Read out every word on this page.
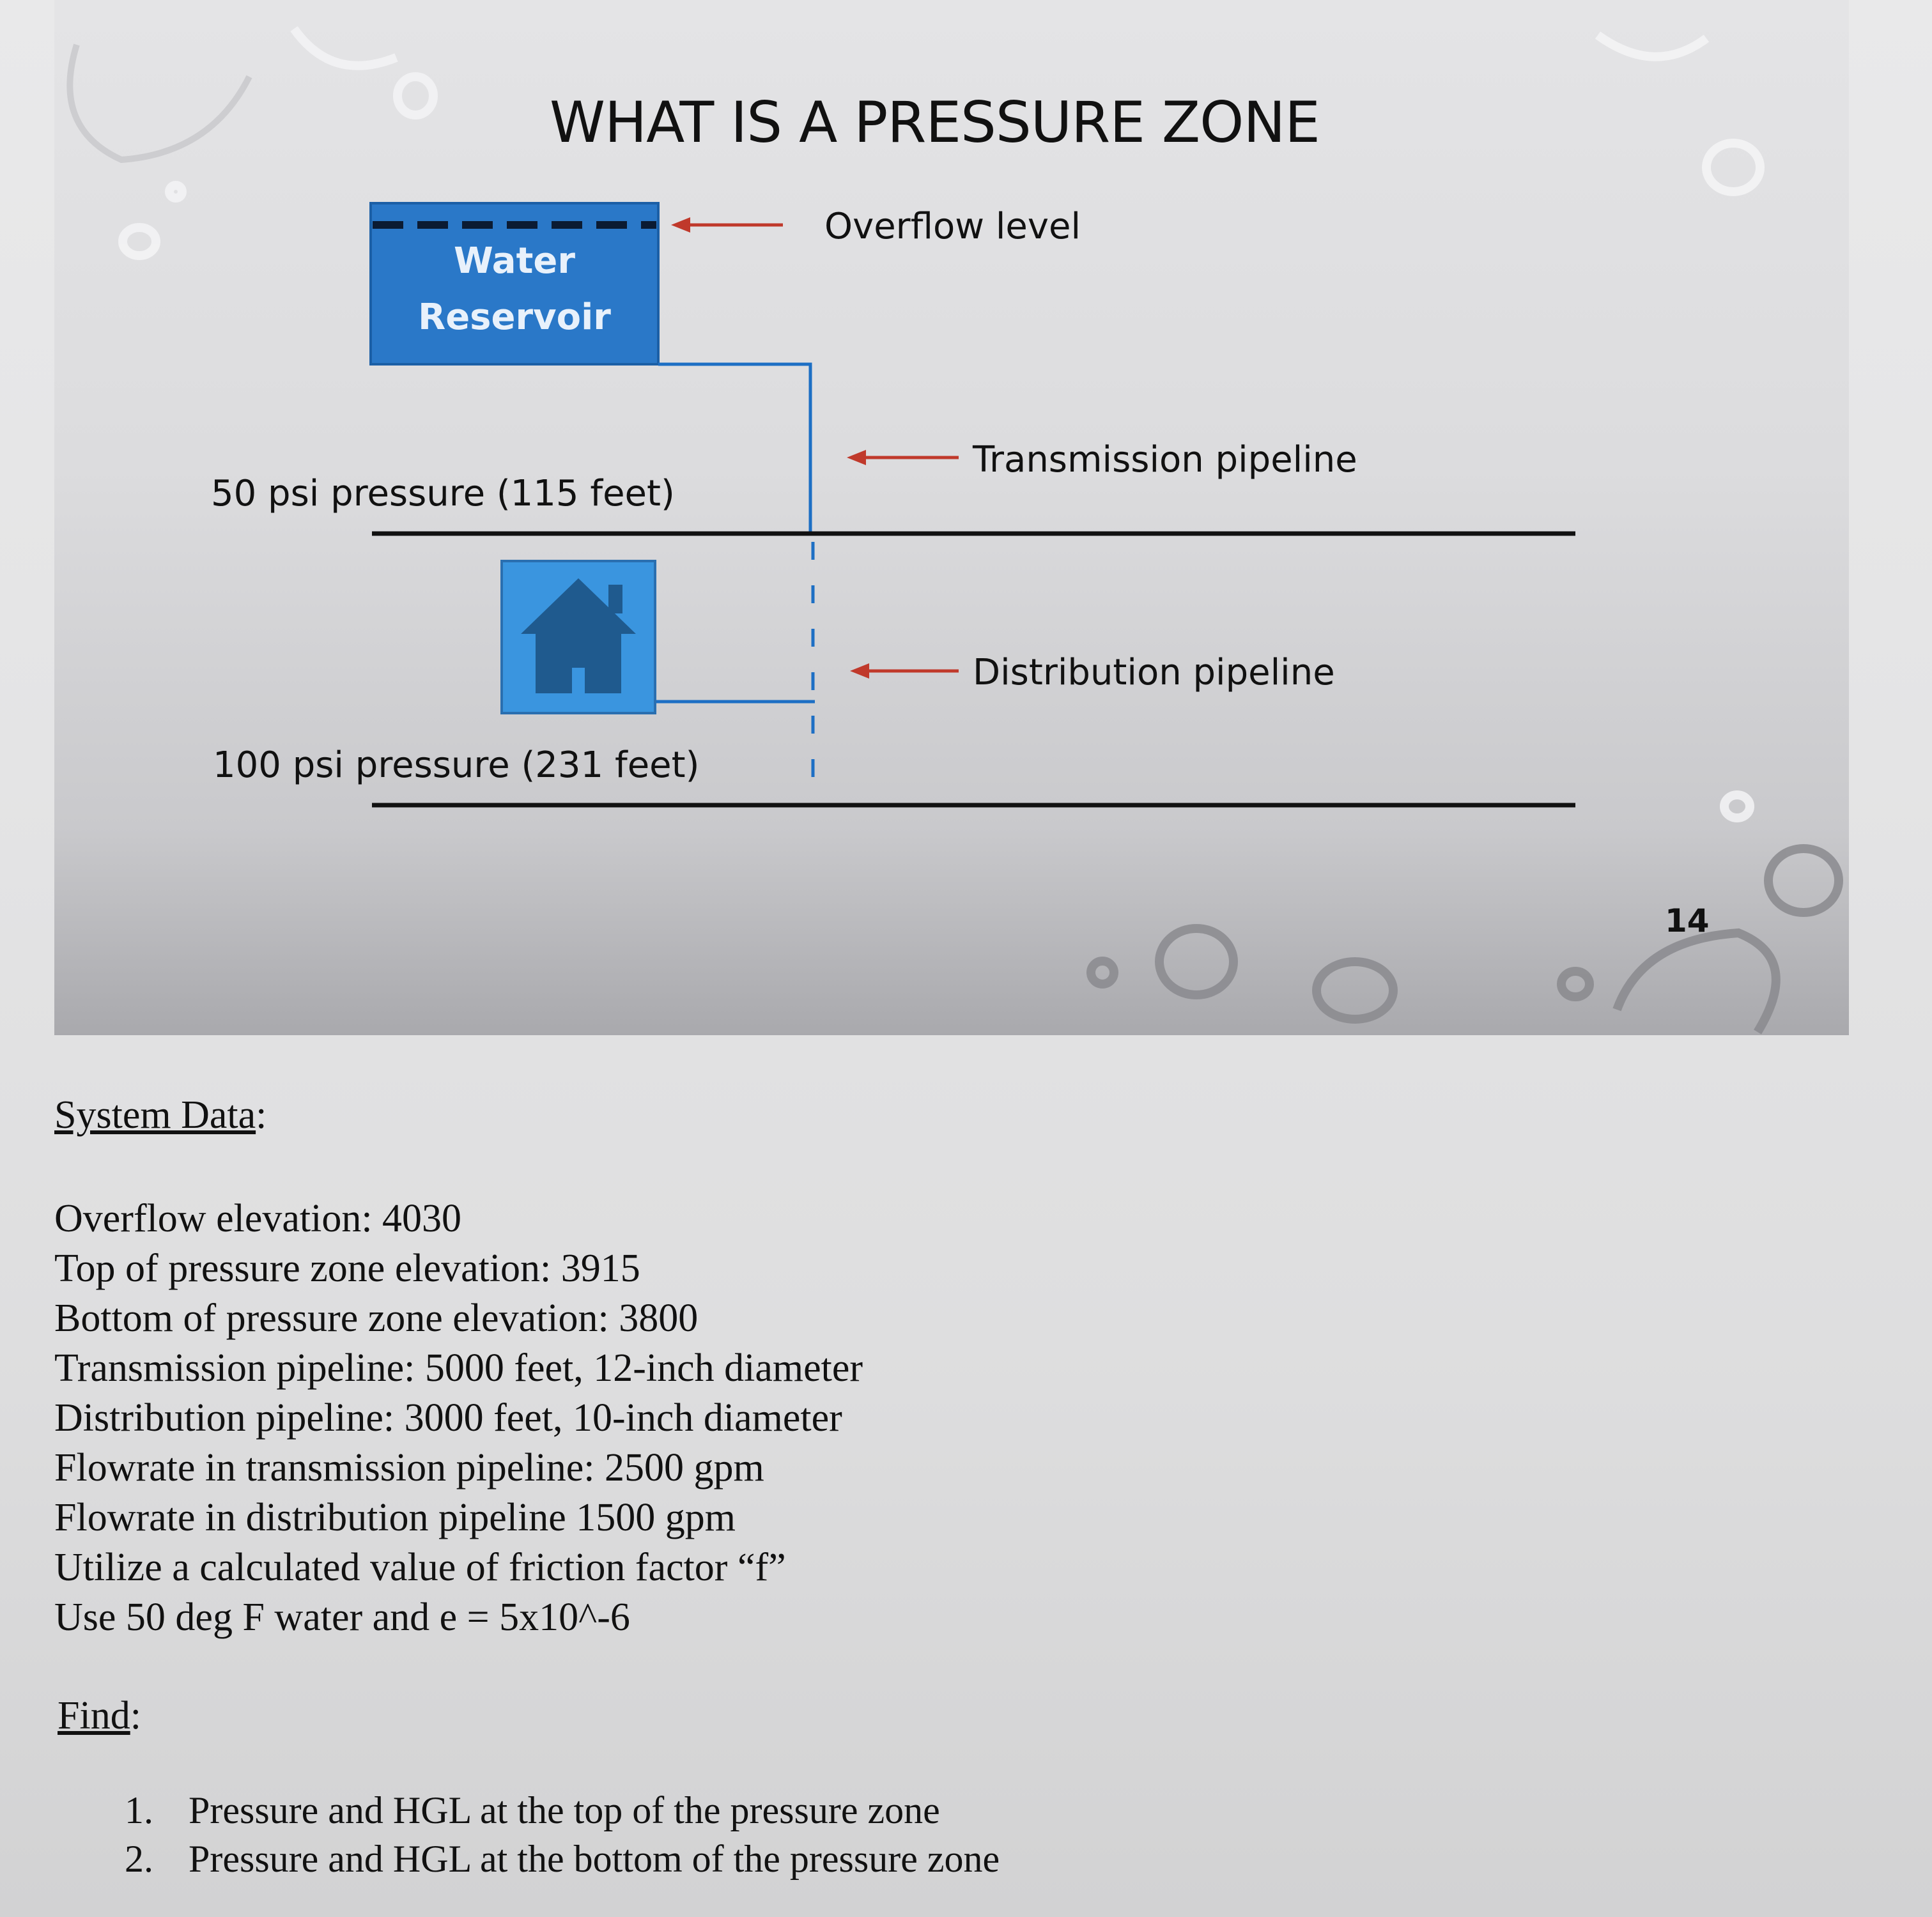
WHAT IS A PRESSURE ZONE
Water
Reservoir
Overflow level
Transmission pipeline
Distribution pipeline
50 psi pressure (115 feet)
100 psi pressure (231 feet)
14
System Data:
Overflow elevation: 4030
Top of pressure zone elevation: 3915
Bottom of pressure zone elevation: 3800
Transmission pipeline: 5000 feet, 12-inch diameter
Distribution pipeline: 3000 feet, 10-inch diameter
Flowrate in transmission pipeline: 2500 gpm
Flowrate in distribution pipeline 1500 gpm
Utilize a calculated value of friction factor “f”
Use 50 deg F water and e = 5x10^-6
Find:
1. Pressure and HGL at the top of the pressure zone
2. Pressure and HGL at the bottom of the pressure zone
